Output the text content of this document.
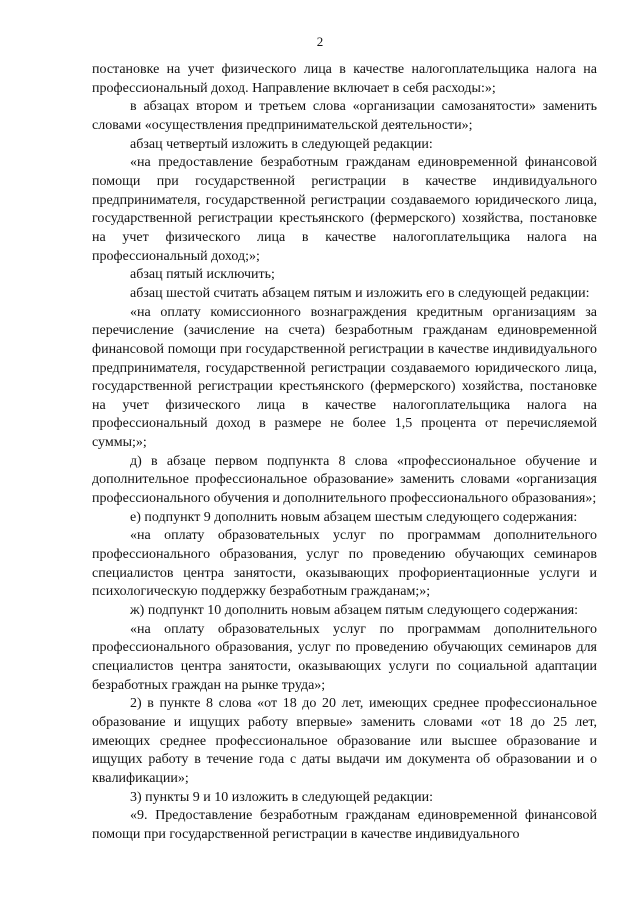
2

постановке на учет физического лица в качестве налогоплательщика налога на профессиональный доход. Направление включает в себя расходы:»;

в абзацах втором и третьем слова «организации самозанятости» заменить словами «осуществления предпринимательской деятельности»;

абзац четвертый изложить в следующей редакции:

«на предоставление безработным гражданам единовременной финансовой помощи при государственной регистрации в качестве индивидуального предпринимателя, государственной регистрации создаваемого юридического лица, государственной регистрации крестьянского (фермерского) хозяйства, постановке на учет физического лица в качестве налогоплательщика налога на профессиональный доход;»;

абзац пятый исключить;

абзац шестой считать абзацем пятым и изложить его в следующей редакции:

«на оплату комиссионного вознаграждения кредитным организациям за перечисление (зачисление на счета) безработным гражданам единовременной финансовой помощи при государственной регистрации в качестве индивидуального предпринимателя, государственной регистрации создаваемого юридического лица, государственной регистрации крестьянского (фермерского) хозяйства, постановке на учет физического лица в качестве налогоплательщика налога на профессиональный доход в размере не более 1,5 процента от перечисляемой суммы;»;

д) в абзаце первом подпункта 8 слова «профессиональное обучение и дополнительное профессиональное образование» заменить словами «организация профессионального обучения и дополнительного профессионального образования»;

е) подпункт 9 дополнить новым абзацем шестым следующего содержания:

«на оплату образовательных услуг по программам дополнительного профессионального образования, услуг по проведению обучающих семинаров специалистов центра занятости, оказывающих профориентационные услуги и психологическую поддержку безработным гражданам;»;

ж) подпункт 10 дополнить новым абзацем пятым следующего содержания:

«на оплату образовательных услуг по программам дополнительного профессионального образования, услуг по проведению обучающих семинаров для специалистов центра занятости, оказывающих услуги по социальной адаптации безработных граждан на рынке труда»;

2) в пункте 8 слова «от 18 до 20 лет, имеющих среднее профессиональное образование и ищущих работу впервые» заменить словами «от 18 до 25 лет, имеющих среднее профессиональное образование или высшее образование и ищущих работу в течение года с даты выдачи им документа об образовании и о квалификации»;

3) пункты 9 и 10 изложить в следующей редакции:

«9. Предоставление безработным гражданам единовременной финансовой помощи при государственной регистрации в качестве индивидуального
